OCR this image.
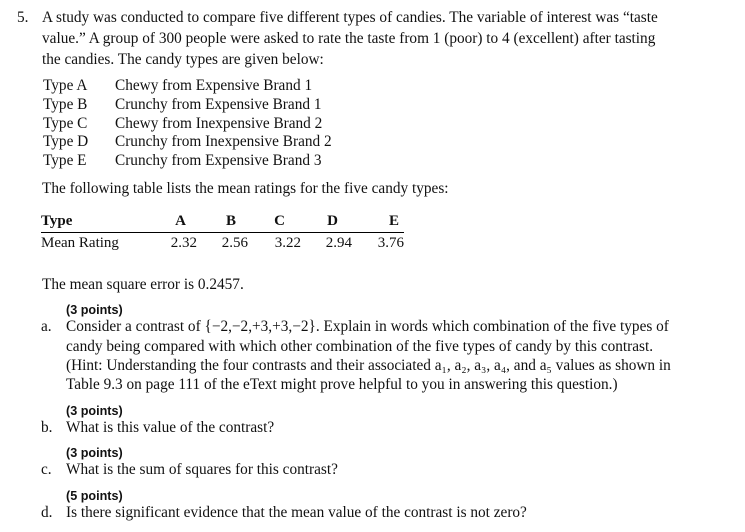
5. A study was conducted to compare five different types of candies. The variable of interest was “taste
value.” A group of 300 people were asked to rate the taste from 1 (poor) to 4 (excellent) after tasting
the candies. The candy types are given below:
Type A	Chewy from Expensive Brand 1
Type B	Crunchy from Expensive Brand 1
Type C	Chewy from Inexpensive Brand 2
Type D	Crunchy from Inexpensive Brand 2
Type E	Crunchy from Expensive Brand 3
The following table lists the mean ratings for the five candy types:
Type	A	B	C	D	E
Mean Rating	2.32	2.56	3.22	2.94	3.76
The mean square error is 0.2457.
(3 points)
a. Consider a contrast of {−2,−2,+3,+3,−2}. Explain in words which combination of the five types of
candy being compared with which other combination of the five types of candy by this contrast.
(Hint: Understanding the four contrasts and their associated a₁, a₂, a₃, a₄, and a₅ values as shown in
Table 9.3 on page 111 of the eText might prove helpful to you in answering this question.)
(3 points)
b. What is this value of the contrast?
(3 points)
c. What is the sum of squares for this contrast?
(5 points)
d. Is there significant evidence that the mean value of the contrast is not zero?
